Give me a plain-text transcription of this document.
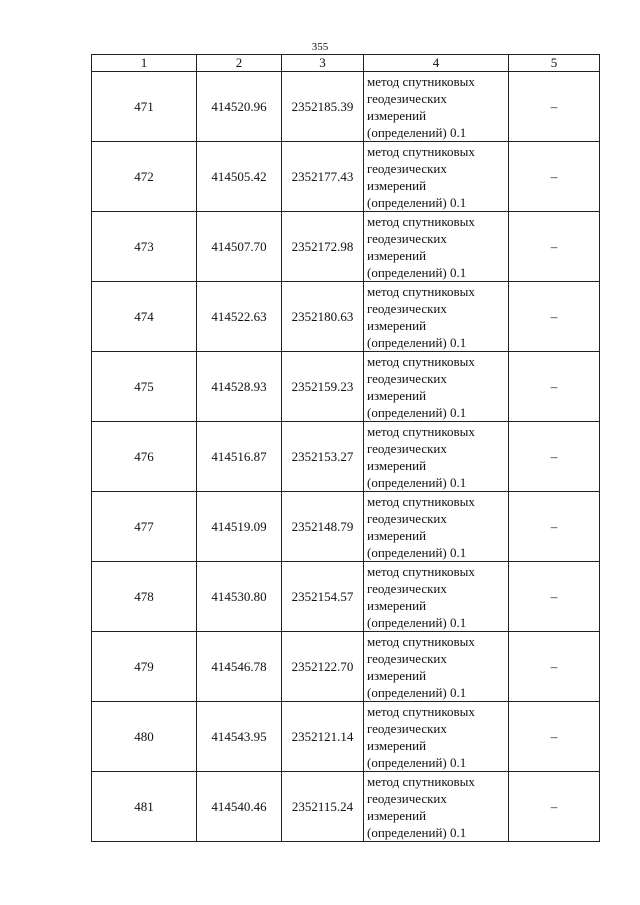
355
1	2	3	4	5
471	414520.96	2352185.39	метод спутниковых
геодезических
измерений
(определений) 0.1	–
472	414505.42	2352177.43	метод спутниковых
геодезических
измерений
(определений) 0.1	–
473	414507.70	2352172.98	метод спутниковых
геодезических
измерений
(определений) 0.1	–
474	414522.63	2352180.63	метод спутниковых
геодезических
измерений
(определений) 0.1	–
475	414528.93	2352159.23	метод спутниковых
геодезических
измерений
(определений) 0.1	–
476	414516.87	2352153.27	метод спутниковых
геодезических
измерений
(определений) 0.1	–
477	414519.09	2352148.79	метод спутниковых
геодезических
измерений
(определений) 0.1	–
478	414530.80	2352154.57	метод спутниковых
геодезических
измерений
(определений) 0.1	–
479	414546.78	2352122.70	метод спутниковых
геодезических
измерений
(определений) 0.1	–
480	414543.95	2352121.14	метод спутниковых
геодезических
измерений
(определений) 0.1	–
481	414540.46	2352115.24	метод спутниковых
геодезических
измерений
(определений) 0.1	–
